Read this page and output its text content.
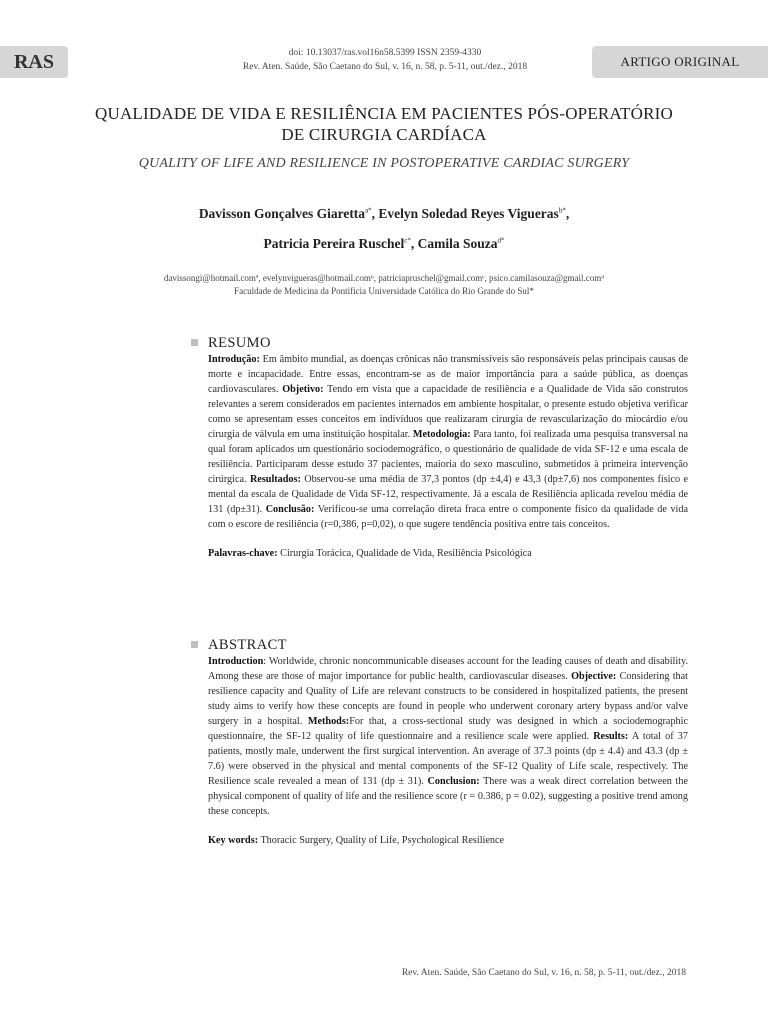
RAS	doi: 10.13037/ras.vol16n58.5399 ISSN 2359-4330
Rev. Aten. Saúde, São Caetano do Sul, v. 16, n. 58, p. 5-11, out./dez., 2018	ARTIGO ORIGINAL
QUALIDADE DE VIDA E RESILIÊNCIA EM PACIENTES PÓS-OPERATÓRIO
DE CIRURGIA CARDÍACA
QUALITY OF LIFE AND RESILIENCE IN POSTOPERATIVE CARDIAC SURGERY
Davisson Gonçalves Giaretta$^{a*}$, Evelyn Soledad Reyes Vigueras$^{b*}$,
Patricia Pereira Ruschel$^{c*}$, Camila Souza$^{d*}$
davissongi@hotmail.comª, evelynvigueras@hotmail.comᵇ, patriciapruschel@gmail.comᶜ, psico.camilasouza@gmail.comᵈ
Faculdade de Medicina da Pontifícia Universidade Católica do Rio Grande do Sul*
RESUMO

Introdução: Em âmbito mundial, as doenças crônicas não transmissíveis são responsáveis pelas principais causas de morte e incapacidade. Entre essas, encontram-se as de maior importância para a saúde pública, as doenças cardiovasculares. Objetivo: Tendo em vista que a capacidade de resiliência e a Qualidade de Vida são construtos relevantes a serem considerados em pacientes internados em ambiente hospitalar, o presente estudo objetiva verificar como se apresentam esses conceitos em indivíduos que realizaram cirurgia de revascularização do miocárdio e/ou cirurgia de válvula em uma instituição hospitalar. Metodologia: Para tanto, foi realizada uma pesquisa transversal na qual foram aplicados um questionário sociodemográfico, o questionário de qualidade de vida SF-12 e uma escala de resiliência. Participaram desse estudo 37 pacientes, maioria do sexo masculino, submetidos à primeira intervenção cirúrgica. Resultados: Observou-se uma média de 37,3 pontos (dp ±4,4) e 43,3 (dp±7,6) nos componentes físico e mental da escala de Qualidade de Vida SF-12, respectivamente. Já a escala de Resiliência aplicada revelou média de 131 (dp±31). Conclusão: Verificou-se uma correlação direta fraca entre o componente físico da qualidade de vida com o escore de resiliência (r=0,386, p=0,02), o que sugere tendência positiva entre tais conceitos.

Palavras-chave: Cirurgia Torácica, Qualidade de Vida, Resiliência Psicológica
ABSTRACT

Introduction: Worldwide, chronic noncommunicable diseases account for the leading causes of death and disability. Among these are those of major importance for public health, cardiovascular diseases. Objective: Considering that resilience capacity and Quality of Life are relevant constructs to be considered in hospitalized patients, the present study aims to verify how these concepts are found in people who underwent coronary artery bypass and/or valve surgery in a hospital. Methods:For that, a cross-sectional study was designed in which a sociodemographic questionnaire, the SF-12 quality of life questionnaire and a resilience scale were applied. Results: A total of 37 patients, mostly male, underwent the first surgical intervention. An average of 37.3 points (dp ± 4.4) and 43.3 (dp ± 7.6) were observed in the physical and mental components of the SF-12 Quality of Life scale, respectively. The Resilience scale revealed a mean of 131 (dp ± 31). Conclusion: There was a weak direct correlation between the physical component of quality of life and the resilience score (r = 0.386, p = 0.02), suggesting a positive trend among these concepts.

Key words: Thoracic Surgery, Quality of Life, Psychological Resilience
Rev. Aten. Saúde, São Caetano do Sul, v. 16, n. 58, p. 5-11, out./dez., 2018
